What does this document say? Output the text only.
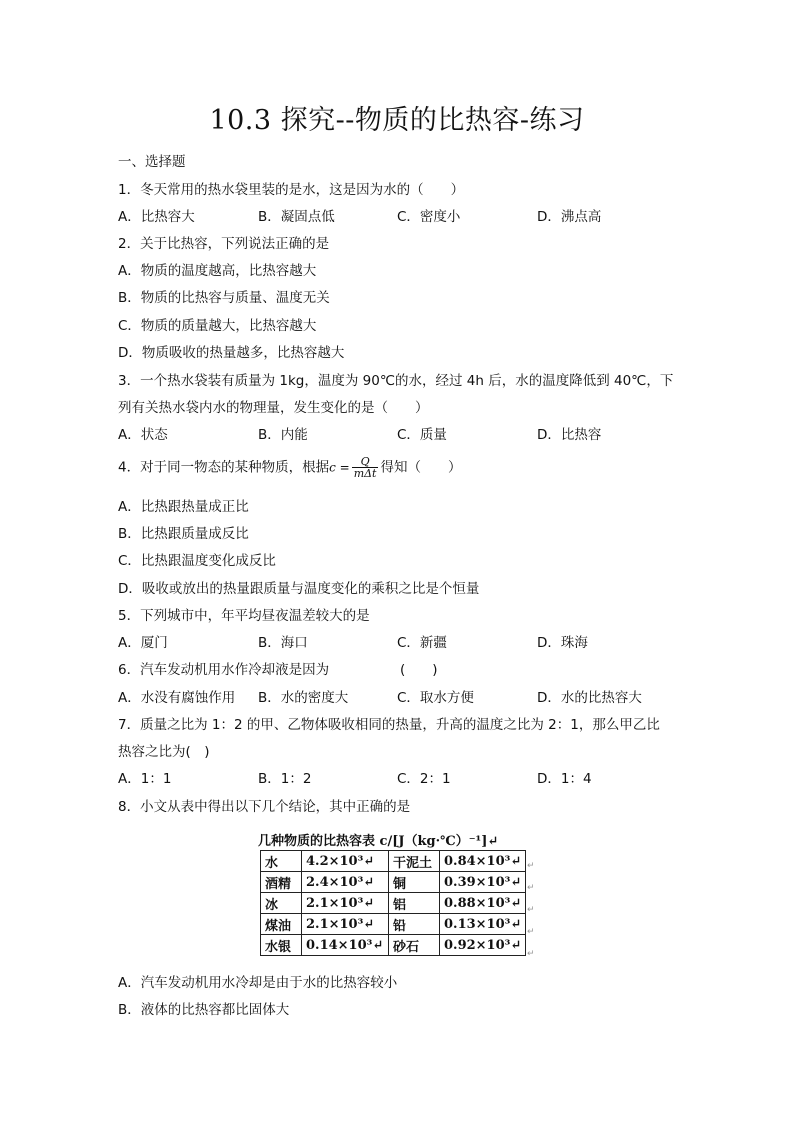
10.3 探究--物质的比热容-练习
一、选择题
1．冬天常用的热水袋里装的是水，这是因为水的（　　）
A．比热容大	B．凝固点低	C．密度小	D．沸点高
2．关于比热容，下列说法正确的是
A．物质的温度越高，比热容越大
B．物质的比热容与质量、温度无关
C．物质的质量越大，比热容越大
D．物质吸收的热量越多，比热容越大
3．一个热水袋装有质量为 1kg，温度为 90℃的水，经过 4h 后，水的温度降低到 40℃，下
列有关热水袋内水的物理量，发生变化的是（　　）
A．状态	B．内能	C．质量	D．比热容
4．对于同一物态的某种物质，根据$c = \frac{Q}{\text{mΔt}}$ 得知（　　）
A．比热跟热量成正比
B．比热跟质量成反比
C．比热跟温度变化成反比
D．吸收或放出的热量跟质量与温度变化的乘积之比是个恒量
5．下列城市中，年平均昼夜温差较大的是
A．厦门	B．海口	C．新疆	D．珠海
6．汽车发动机用水作冷却液是因为	(　　)
A．水没有腐蚀作用 B．水的密度大	C．取水方便	D．水的比热容大
7．质量之比为 1：2 的甲、乙物体吸收相同的热量，升高的温度之比为 2：1，那么甲乙比
热容之比为(　)
A．1：1	B．1：2	C．2：1	D．1：4
8．小文从表中得出以下几个结论，其中正确的是
几种物质的比热容表 c/[J（kg·℃）⁻¹]↵
水	4.2×10³↵	干泥土	0.84×10³↵
酒精	2.4×10³↵	铜	0.39×10³↵
冰	2.1×10³↵	铝	0.88×10³↵
煤油	2.1×10³↵	铅	0.13×10³↵
水银	0.14×10³↵	砂石	0.92×10³↵
↵
↵
↵
↵
↵
A．汽车发动机用水冷却是由于水的比热容较小
B．液体的比热容都比固体大
